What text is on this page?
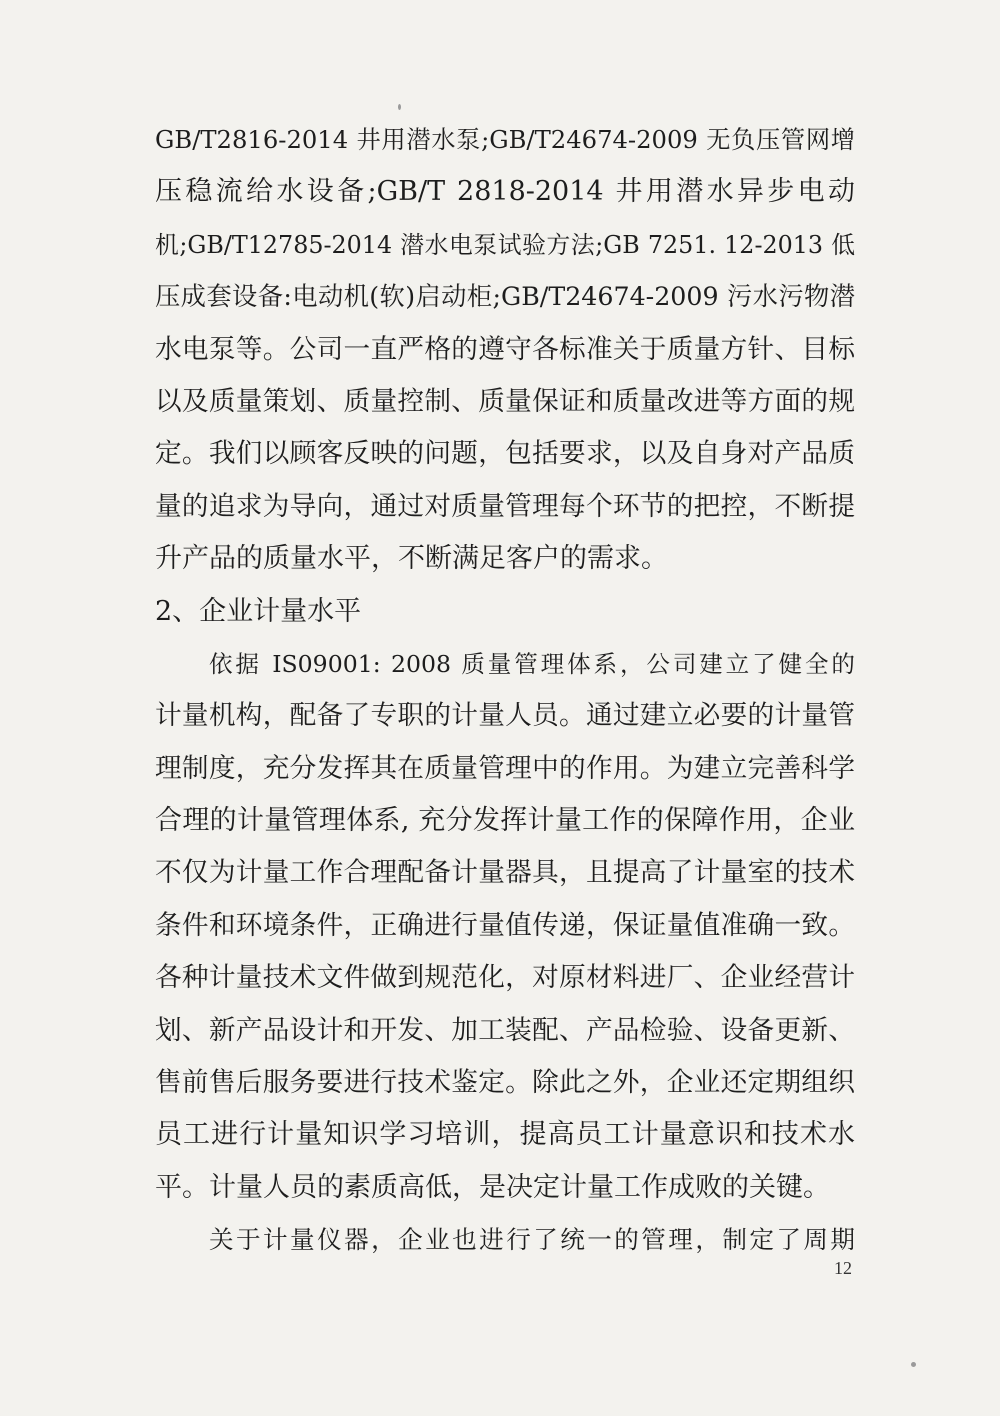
GB/T2816-2014 井用潜水泵;GB/T24674-2009 无负压管网增
压稳流给水设备;GB/T 2818-2014 井用潜水异步电动
机;GB/T12785-2014 潜水电泵试验方法;GB 7251. 12-2013 低
压成套设备:电动机(软)启动柜;GB/T24674-2009 污水污物潜
水电泵等。公司一直严格的遵守各标准关于质量方针、目标
以及质量策划、质量控制、质量保证和质量改进等方面的规
定。我们以顾客反映的问题，包括要求，以及自身对产品质
量的追求为导向，通过对质量管理每个环节的把控，不断提
升产品的质量水平，不断满足客户的需求。
2、企业计量水平
依据 IS09001: 2008 质量管理体系，公司建立了健全的
计量机构，配备了专职的计量人员。通过建立必要的计量管
理制度，充分发挥其在质量管理中的作用。为建立完善科学
合理的计量管理体系, 充分发挥计量工作的保障作用，企业
不仅为计量工作合理配备计量器具，且提高了计量室的技术
条件和环境条件，正确进行量值传递，保证量值准确一致。
各种计量技术文件做到规范化，对原材料进厂、企业经营计
划、新产品设计和开发、加工装配、产品检验、设备更新、
售前售后服务要进行技术鉴定。除此之外，企业还定期组织
员工进行计量知识学习培训，提高员工计量意识和技术水
平。计量人员的素质高低，是决定计量工作成败的关键。
关于计量仪器，企业也进行了统一的管理，制定了周期
12
